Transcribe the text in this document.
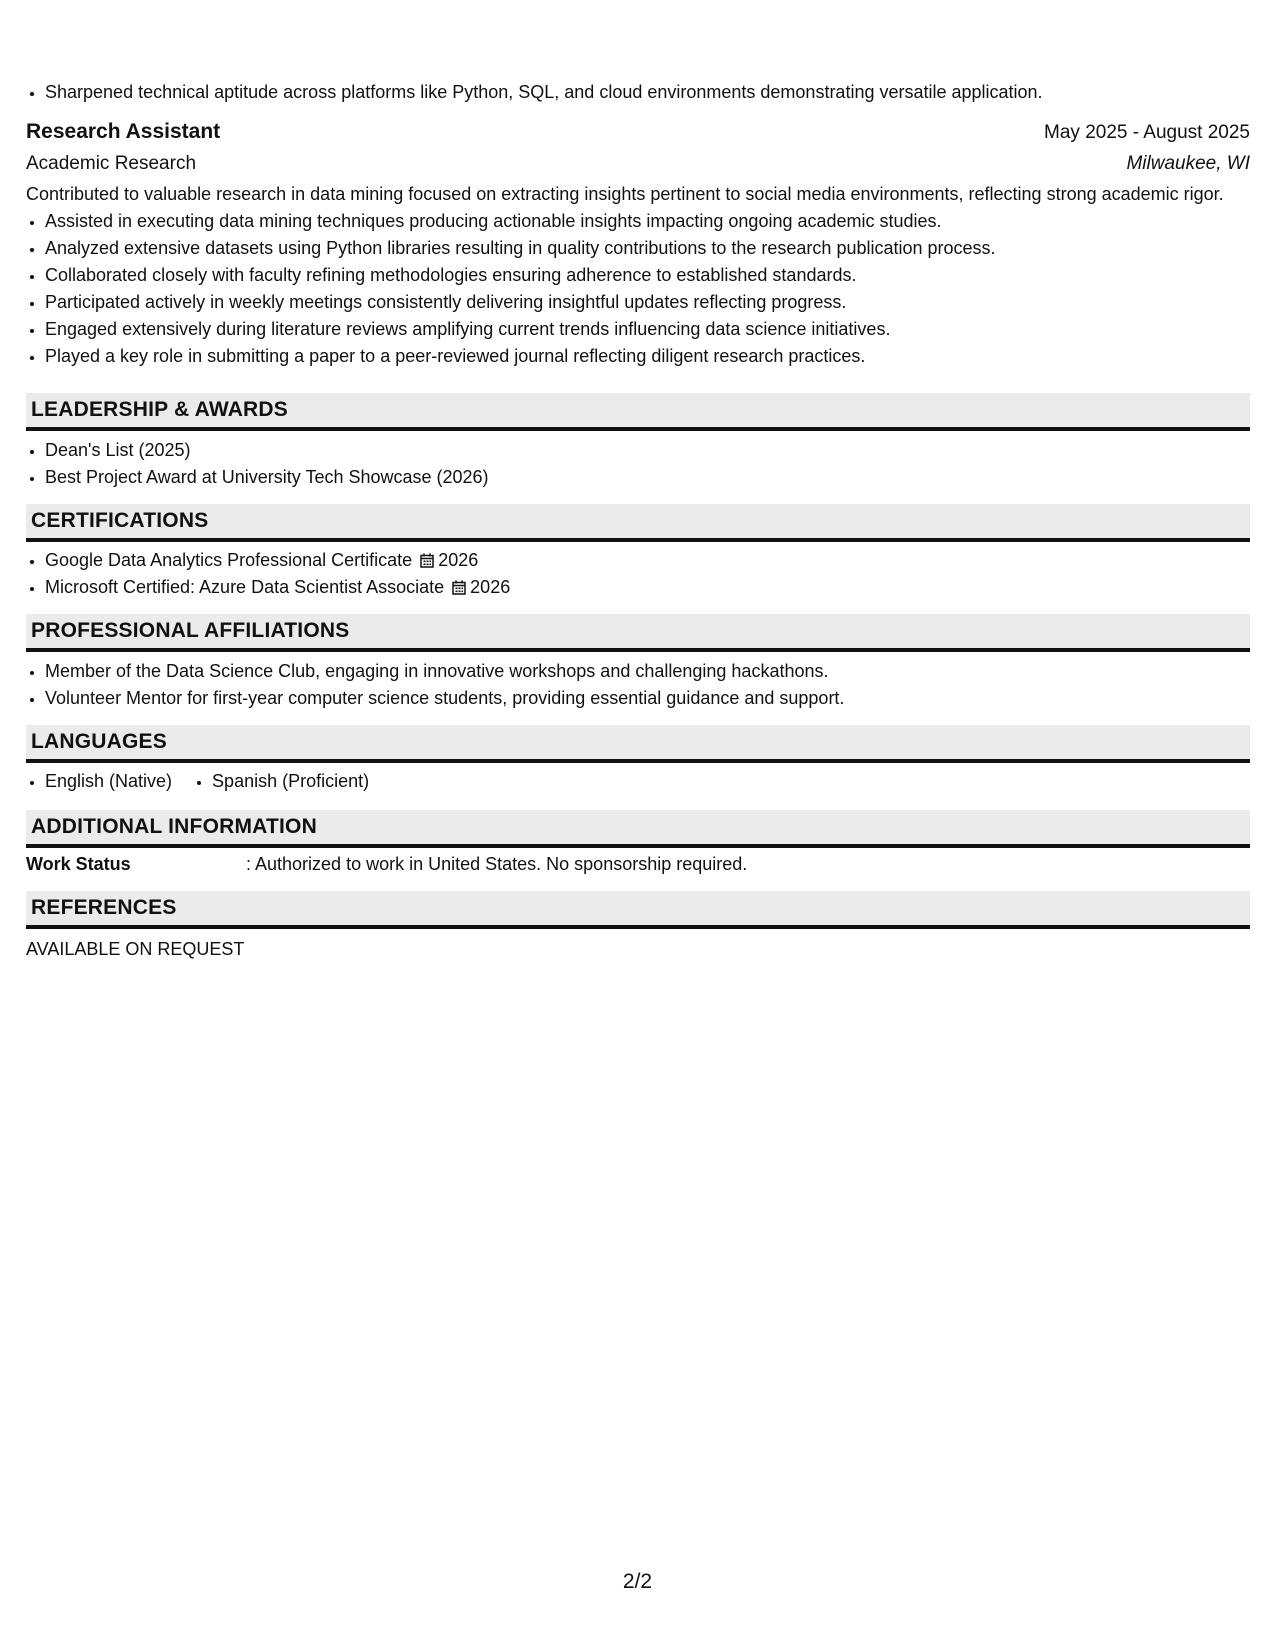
• Sharpened technical aptitude across platforms like Python, SQL, and cloud environments demonstrating versatile application.
Research Assistant	May 2025 - August 2025
Academic Research	Milwaukee, WI

Contributed to valuable research in data mining focused on extracting insights pertinent to social media environments, reflecting strong academic rigor.

• Assisted in executing data mining techniques producing actionable insights impacting ongoing academic studies.
• Analyzed extensive datasets using Python libraries resulting in quality contributions to the research publication process.
• Collaborated closely with faculty refining methodologies ensuring adherence to established standards.
• Participated actively in weekly meetings consistently delivering insightful updates reflecting progress.
• Engaged extensively during literature reviews amplifying current trends influencing data science initiatives.
• Played a key role in submitting a paper to a peer-reviewed journal reflecting diligent research practices.
LEADERSHIP & AWARDS
• Dean's List (2025)
• Best Project Award at University Tech Showcase (2026)
CERTIFICATIONS
• Google Data Analytics Professional Certificate 2026
• Microsoft Certified: Azure Data Scientist Associate 2026
PROFESSIONAL AFFILIATIONS
• Member of the Data Science Club, engaging in innovative workshops and challenging hackathons.
• Volunteer Mentor for first-year computer science students, providing essential guidance and support.
LANGUAGES
• English (Native)
• Spanish (Proficient)
ADDITIONAL INFORMATION
Work Status	: Authorized to work in United States. No sponsorship required.
REFERENCES
AVAILABLE ON REQUEST
2/2
